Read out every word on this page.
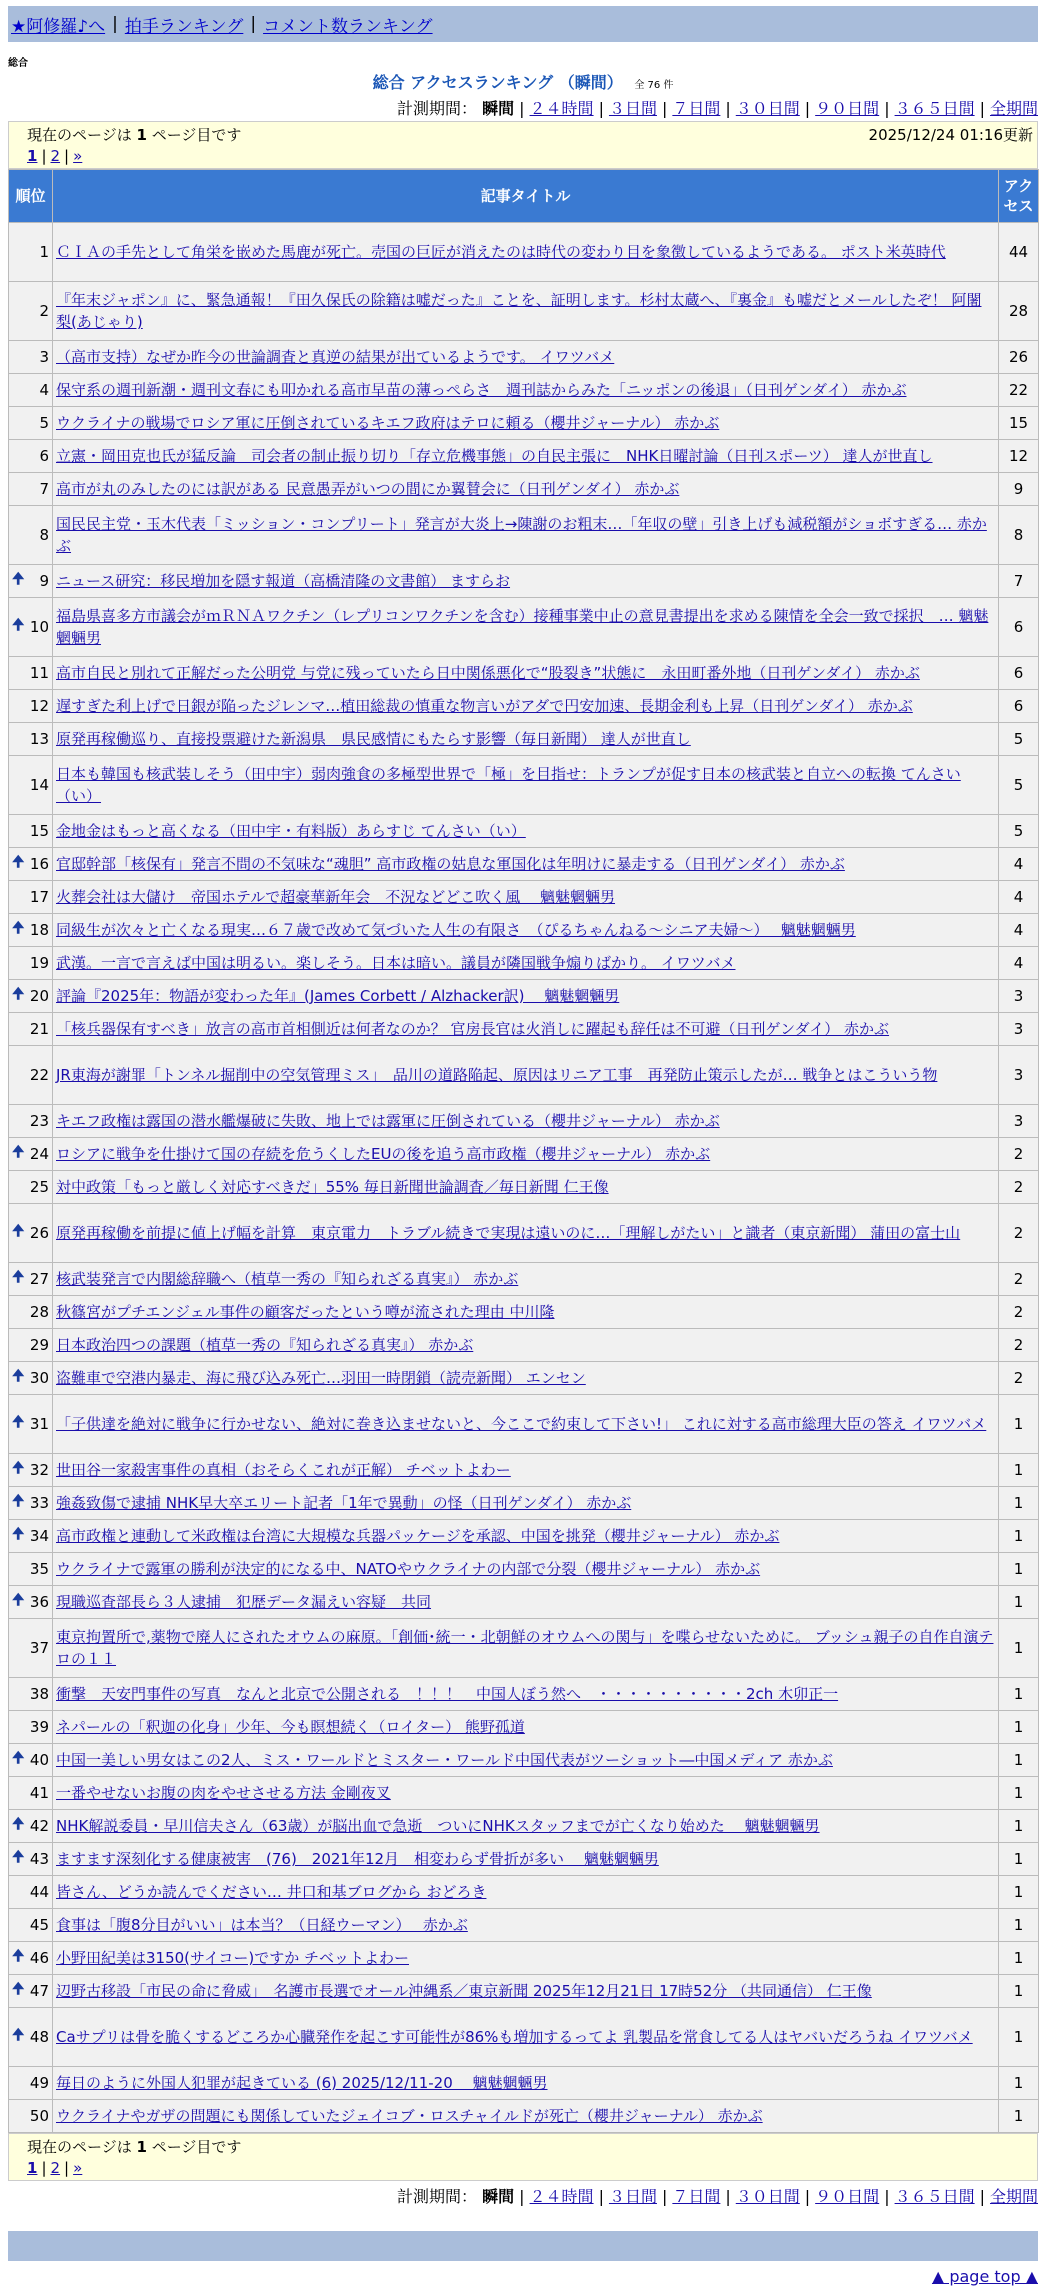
★阿修羅♪へ | 拍手ランキング | コメント数ランキング
総合
総合 アクセスランキング （瞬間） 全 76 件
計測期間： 瞬間 | ２４時間 | ３日間 | ７日間 | ３０日間 | ９０日間 | ３６５日間 | 全期間
現在のページは 1 ページ目です	2025/12/24 01:16更新
1 | 2 | »
順位	記事タイトル	アクセス
1	ＣＩＡの手先として角栄を嵌めた馬鹿が死亡。売国の巨匠が消えたのは時代の変わり目を象徴しているようである。 ポスト米英時代	44
2	『年末ジャポン』に、緊急通報！『田久保氏の除籍は嘘だった』ことを、証明します。杉村太蔵へ、『裏金』も嘘だとメールしたぞ！ 阿闍梨(あじゃり)	28
3	（高市支持）なぜか昨今の世論調査と真逆の結果が出ているようです。 イワツバメ	26
4	保守系の週刊新潮・週刊文春にも叩かれる高市早苗の薄っぺらさ　週刊誌からみた「ニッポンの後退」（日刊ゲンダイ） 赤かぶ	22
5	ウクライナの戦場でロシア軍に圧倒されているキエフ政府はテロに頼る（櫻井ジャーナル） 赤かぶ	15
6	立憲・岡田克也氏が猛反論　司会者の制止振り切り「存立危機事態」の自民主張に　NHK日曜討論（日刊スポーツ） 達人が世直し	12
7	高市が丸のみしたのには訳がある 民意愚弄がいつの間にか翼賛会に（日刊ゲンダイ） 赤かぶ	9
8	国民民主党・玉木代表「ミッション・コンプリート」発言が大炎上→陳謝のお粗末…「年収の壁」引き上げも減税額がショボすぎる… 赤かぶ	8

🠉 9	ニュース研究：移民増加を隠す報道（高橋清隆の文書館） ますらお	7

🠉 10	福島県喜多方市議会がｍＲＮＡワクチン（レプリコンワクチンを含む）接種事業中止の意見書提出を求める陳情を全会一致で採択　… 魑魅魍魎男	6
11	高市自民と別れて正解だった公明党 与党に残っていたら日中関係悪化で“股裂き”状態に　永田町番外地（日刊ゲンダイ） 赤かぶ	6
12	遅すぎた利上げで日銀が陥ったジレンマ…植田総裁の慎重な物言いがアダで円安加速、長期金利も上昇（日刊ゲンダイ） 赤かぶ	6
13	原発再稼働巡り、直接投票避けた新潟県　県民感情にもたらす影響（毎日新聞） 達人が世直し	5
14	日本も韓国も核武装しそう（田中宇）弱肉強食の多極型世界で「極」を目指せ：トランプが促す日本の核武装と自立への転換 てんさい（い）	5
15	金地金はもっと高くなる（田中宇・有料版）あらすじ てんさい（い）	5

🠉 16	官邸幹部「核保有」発言不問の不気味な“魂胆” 高市政権の姑息な軍国化は年明けに暴走する（日刊ゲンダイ） 赤かぶ	4
17	火葬会社は大儲け　帝国ホテルで超豪華新年会　不況などどこ吹く風　 魑魅魍魎男	4

🠉 18	同級生が次々と亡くなる現実…６７歳で改めて気づいた人生の有限さ　（ぴるちゃんねる～シニア夫婦～）　 魑魅魍魎男	4
19	武漢。一言で言えば中国は明るい。楽しそう。日本は暗い。議員が隣国戦争煽りばかり。 イワツバメ	4

🠉 20	評論『2025年：物語が変わった年』(James Corbett / Alzhacker訳)　 魑魅魍魎男	3
21	「核兵器保有すべき」放言の高市首相側近は何者なのか？ 官房長官は火消しに躍起も辞任は不可避（日刊ゲンダイ） 赤かぶ	3
22	JR東海が謝罪「トンネル掘削中の空気管理ミス」　品川の道路陥起、原因はリニア工事　再発防止策示したが… 戦争とはこういう物	3
23	キエフ政権は露国の潜水艦爆破に失敗、地上では露軍に圧倒されている（櫻井ジャーナル） 赤かぶ	3

🠉 24	ロシアに戦争を仕掛けて国の存続を危うくしたEUの後を追う高市政権（櫻井ジャーナル） 赤かぶ	2
25	対中政策「もっと厳しく対応すべきだ」55% 毎日新聞世論調査／毎日新聞 仁王像	2

🠉 26	原発再稼働を前提に値上げ幅を計算　東京電力　トラブル続きで実現は遠いのに…「理解しがたい」と識者（東京新聞） 蒲田の富士山	2

🠉 27	核武装発言で内閣総辞職へ（植草一秀の『知られざる真実』） 赤かぶ	2
28	秋篠宮がプチエンジェル事件の顧客だったという噂が流された理由 中川隆	2
29	日本政治四つの課題（植草一秀の『知られざる真実』） 赤かぶ	2

🠉 30	盗難車で空港内暴走、海に飛び込み死亡…羽田一時閉鎖（読売新聞） エンセン	2

🠉 31	「子供達を絶対に戦争に行かせない、絶対に巻き込ませないと、今ここで約束して下さい!」 これに対する高市総理大臣の答え イワツバメ	1

🠉 32	世田谷一家殺害事件の真相（おそらくこれが正解） チベットよわー	1

🠉 33	強姦致傷で逮捕 NHK早大卒エリート記者「1年で異動」の怪（日刊ゲンダイ） 赤かぶ	1

🠉 34	高市政権と連動して米政権は台湾に大規模な兵器パッケージを承認、中国を挑発（櫻井ジャーナル） 赤かぶ	1
35	ウクライナで露軍の勝利が決定的になる中、NATOやウクライナの内部で分裂（櫻井ジャーナル） 赤かぶ	1

🠉 36	現職巡査部長ら３人逮捕　犯歴データ漏えい容疑　共同	1
37	東京拘置所で,薬物で廃人にされたオウムの麻原。「創価･統一・北朝鮮のオウムへの関与」を喋らせないために。 ブッシュ親子の自作自演テロの１１	1
38	衝撃　天安門事件の写真　なんと北京で公開される　！！！　中国人ぼう然へ　・・・・・・・・・・2ch 木卯正一	1
39	ネパールの「釈迦の化身」少年、今も瞑想続く（ロイター） 熊野孤道	1

🠉 40	中国一美しい男女はこの2人、ミス・ワールドとミスター・ワールド中国代表がツーショット―中国メディア 赤かぶ	1
41	一番やせないお腹の肉をやせさせる方法 金剛夜叉	1

🠉 42	NHK解説委員・早川信夫さん（63歳）が脳出血で急逝　ついにNHKスタッフまでが亡くなり始めた　 魑魅魍魎男	1

🠉 43	ますます深刻化する健康被害　(76)　2021年12月　相変わらず骨折が多い　 魑魅魍魎男	1
44	皆さん、どうか読んでください… 井口和基ブログから おどろき	1
45	食事は「腹8分目がいい」は本当？（日経ウーマン）　 赤かぶ	1

🠉 46	小野田紀美は3150(サイコー)ですか チベットよわー	1

🠉 47	辺野古移設「市民の命に脅威」　名護市長選でオール沖縄系／東京新聞 2025年12月21日 17時52分 （共同通信） 仁王像	1

🠉 48	Caサプリは骨を脆くするどころか心臓発作を起こす可能性が86%も増加するってよ 乳製品を常食してる人はヤバいだろうね イワツバメ	1
49	毎日のように外国人犯罪が起きている (6) 2025/12/11-20　 魑魅魍魎男	1
50	ウクライナやガザの問題にも関係していたジェイコブ・ロスチャイルドが死亡（櫻井ジャーナル） 赤かぶ	1
現在のページは 1 ページ目です
1 | 2 | »
計測期間： 瞬間 | ２４時間 | ３日間 | ７日間 | ３０日間 | ９０日間 | ３６５日間 | 全期間
▲ page top ▲
